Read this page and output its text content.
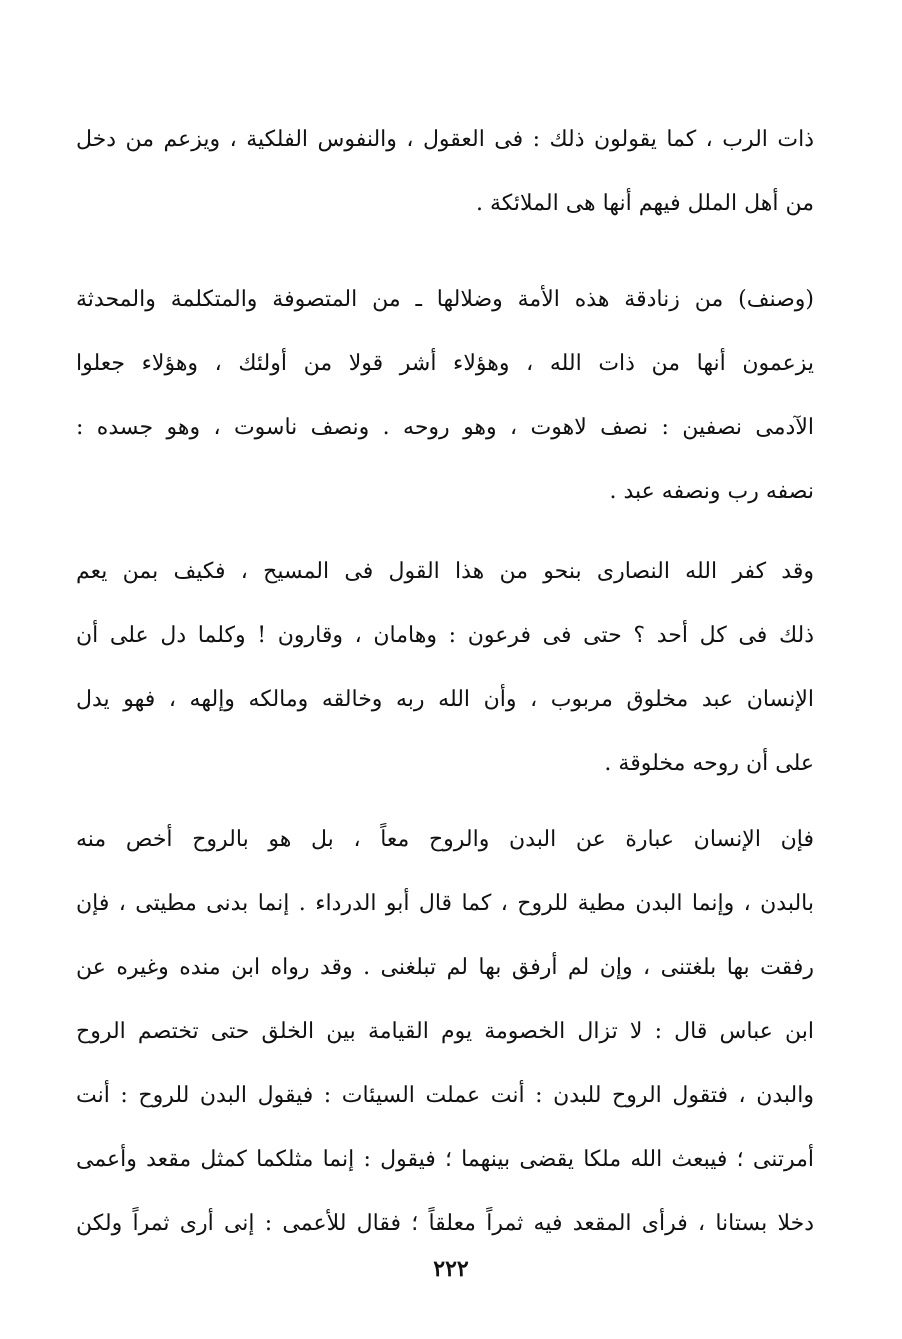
ذات الرب ، كما يقولون ذلك : فى العقول ، والنفوس الفلكية ، ويزعم من دخل
من أهل الملل فيهم أنها هى الملائكة .
(وصنف) من زنادقة هذه الأمة وضلالها ـ من المتصوفة والمتكلمة والمحدثة
يزعمون أنها من ذات الله ، وهؤلاء أشر قولا من أولئك ، وهؤلاء جعلوا
الآدمى نصفين : نصف لاهوت ، وهو روحه . ونصف ناسوت ، وهو جسده :
نصفه رب ونصفه عبد .
وقد كفر الله النصارى بنحو من هذا القول فى المسيح ، فكيف بمن يعم
ذلك فى كل أحد ؟ حتى فى فرعون : وهامان ، وقارون ! وكلما دل على أن
الإنسان عبد مخلوق مربوب ، وأن الله ربه وخالقه ومالكه وإلهه ، فهو يدل
على أن روحه مخلوقة .
فإن الإنسان عبارة عن البدن والروح معاً ، بل هو بالروح أخص منه
بالبدن ، وإنما البدن مطية للروح ، كما قال أبو الدرداء . إنما بدنى مطيتى ، فإن
رفقت بها بلغتنى ، وإن لم أرفق بها لم تبلغنى . وقد رواه ابن منده وغيره عن
ابن عباس قال : لا تزال الخصومة يوم القيامة بين الخلق حتى تختصم الروح
والبدن ، فتقول الروح للبدن : أنت عملت السيئات : فيقول البدن للروح : أنت
أمرتنى ؛ فيبعث الله ملكا يقضى بينهما ؛ فيقول : إنما مثلكما كمثل مقعد وأعمى
دخلا بستانا ، فرأى المقعد فيه ثمراً معلقاً ؛ فقال للأعمى : إنى أرى ثمراً ولكن
٢٢٢
